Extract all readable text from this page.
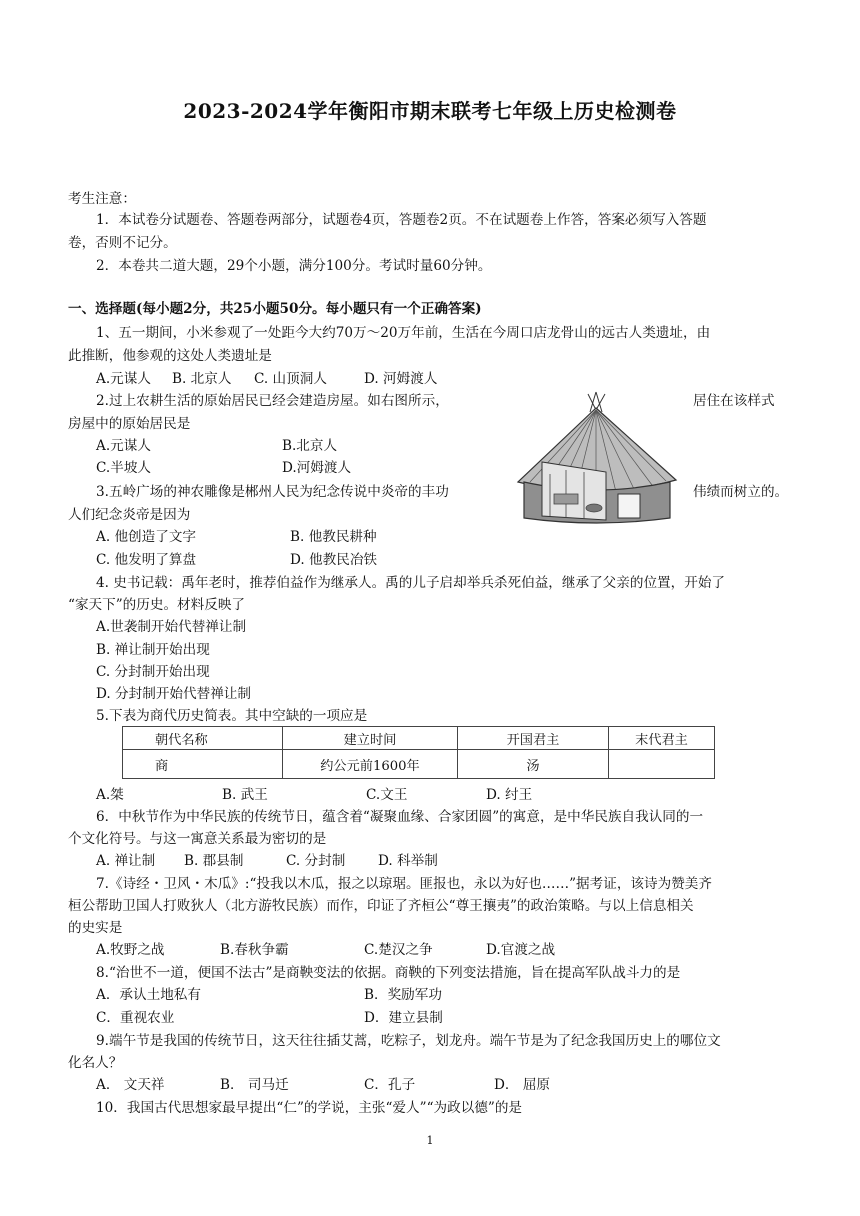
2023-2024学年衡阳市期末联考七年级上历史检测卷
考生注意：
1．本试卷分试题卷、答题卷两部分，试题卷4页，答题卷2页。不在试题卷上作答，答案必须写入答题
卷，否则不记分。
2．本卷共二道大题，29个小题，满分100分。考试时量60分钟。
一、选择题(每小题2分，共25小题50分。每小题只有一个正确答案)
1、五一期间，小米参观了一处距今大约70万～20万年前，生活在今周口店龙骨山的远古人类遗址，由
此推断，他参观的这处人类遗址是
A.元谋人 B. 北京人 C. 山顶洞人	D. 河姆渡人
2.过上农耕生活的原始居民已经会建造房屋。如右图所示，	居住在该样式
房屋中的原始居民是
A.元谋人	B.北京人
C.半坡人	D.河姆渡人
3.五岭广场的神农雕像是郴州人民为纪念传说中炎帝的丰功	伟绩而树立的。
人们纪念炎帝是因为
A. 他创造了文字	B. 他教民耕种
C. 他发明了算盘	D. 他教民冶铁
4. 史书记载：禹年老时，推荐伯益作为继承人。禹的儿子启却举兵杀死伯益，继承了父亲的位置，开始了
“家天下”的历史。材料反映了
A.世袭制开始代替禅让制
B. 禅让制开始出现
C. 分封制开始出现
D. 分封制开始代替禅让制
5.下表为商代历史简表。其中空缺的一项应是
朝代名称	建立时间	开国君主	末代君主
商	约公元前1600年	汤	
A.桀	B. 武王	C.文王	D. 纣王
6．中秋节作为中华民族的传统节日，蕴含着“凝聚血缘、合家团圆”的寓意，是中华民族自我认同的一
个文化符号。与这一寓意关系最为密切的是
A. 禅让制 B. 郡县制	C. 分封制 D. 科举制
7.《诗经・卫风・木瓜》:“投我以木瓜，报之以琼琚。匪报也，永以为好也……”据考证，该诗为赞美齐
桓公帮助卫国人打败狄人（北方游牧民族）而作，印证了齐桓公“尊王攘夷”的政治策略。与以上信息相关
的史实是
A.牧野之战	B.春秋争霸	C.楚汉之争	D.官渡之战
8.“治世不一道，便国不法古”是商鞅变法的依据。商鞅的下列变法措施，旨在提高军队战斗力的是
A．承认土地私有	B．奖励军功
C．重视农业	D．建立县制
9.端午节是我国的传统节日，这天往往插艾蒿，吃粽子，划龙舟。端午节是为了纪念我国历史上的哪位文
化名人？
A． 文天祥	B． 司马迁	C．孔子	D． 屈原
10．我国古代思想家最早提出“仁”的学说，主张“爱人”“为政以德”的是
1
